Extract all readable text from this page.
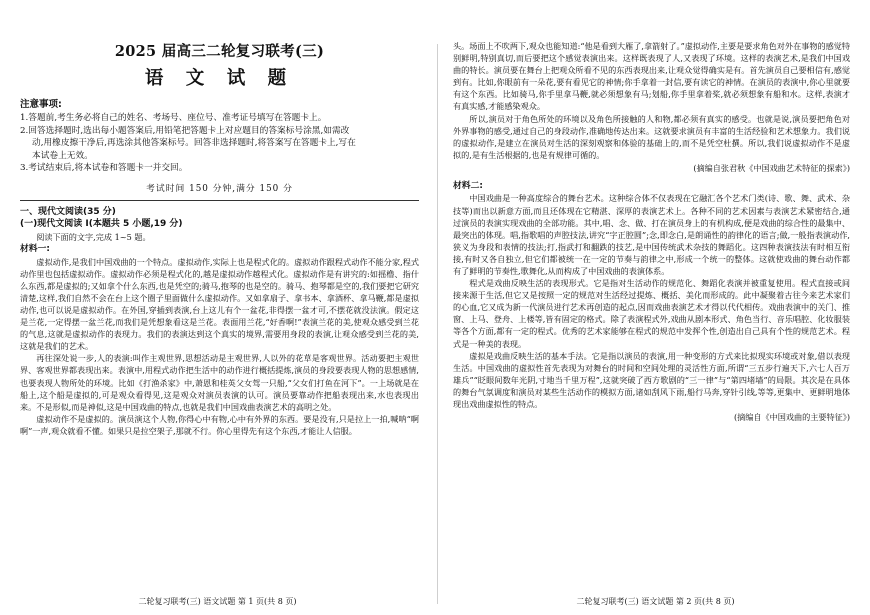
2025 届高三二轮复习联考(三)
语 文 试 题
注意事项:

1.答题前,考生务必将自己的姓名、考场号、座位号、准考证号填写在答题卡上。

2.回答选择题时,选出每小题答案后,用铅笔把答题卡上对应题目的答案标号涂黑,如需改

动,用橡皮擦干净后,再选涂其他答案标号。回答非选择题时,将答案写在答题卡上,写在

本试卷上无效。

3.考试结束后,将本试卷和答题卡一并交回。

考试时间 150 分钟,满分 150 分
一、现代文阅读(35 分)
(一)现代文阅读 I(本题共 5 小题,19 分)

阅读下面的文字,完成 1~5 题。

材料一:

虚拟动作,是我们中国戏曲的一个特点。虚拟动作,实际上也是程式化的。虚拟动作跟程式动作不能分家,程式动作里也包括虚拟动作。虚拟动作必须是程式化的,越是虚拟动作越程式化。虚拟动作是有讲究的:如摇橹、指什么东西,都是虚拟的;又如拿个什么东西,也是凭空的;骑马,抱琴的也是空的。骑马、抱琴都是空的,我们要把它研究清楚,这样,我们自然不会在台上这个圈子里面做什么虚拟动作。又如拿扇子、拿书本、拿酒杯、拿马鞭,都是虚拟动作,也可以说是虚拟动作。在外国,穿插到表演,台上这儿有个一盆花,非得摆一盆才可,不摆花就没法演。假定这是兰花,一定得摆一盆兰花,而我们是凭想象看这是兰花。表面用兰花,“好香啊!”表演兰花的美,使观众感受到兰花的气息,这就是虚拟动作的表现力。我们的表演达到这个真实的境界,需要用身段的表演,让观众感受到兰花的美,这就是我们的艺术。

再往深处说一步,人的表演:叫作主观世界,思想活动是主观世界,人以外的花草是客观世界。活动要把主观世界、客观世界都表现出来。表演中,用程式动作把生活中的动作进行概括提炼,演员的身段要表现人物的思想感情,也要表现人物所处的环境。比如《打渔杀家》中,萧恩和桂英父女驾一只船,“父女们打鱼在河下”。一上场就是在船上,这个船是虚拟的,可是观众看得见,这是观众对演员表演的认可。演员要靠动作把船表现出来,水也表现出来。不是形似,而是神似,这是中国戏曲的特点,也就是我们中国戏曲表演艺术的高明之处。

虚拟动作不是虚拟的。演员演这个人物,你得心中有物,心中有外界的东西。要是没有,只是拉上一拍,喊呐“啊啊”一声,观众就看不懂。如果只是拉空架子,那就不行。你心里得先有这个东西,才能让人信服。

二轮复习联考(三) 语文试题 第 1 页(共 8 页)

头。场面上不吹两下,观众也能知道:“他是看到大雁了,拿箭射了。”虚拟动作,主要是要求角色对外在事物的感觉特别鲜明,特别真切,而后要把这个感觉表演出来。这样既表现了人,又表现了环境。这样的表演艺术,是我们中国戏曲的特长。演员要在舞台上把观众所看不见的东西表现出来,让观众觉得确实是有。首先演员自己要相信有,感觉到有。比如,你眼前有一朵花,要有看见它的神情;你手拿着一封信,要有读它的神情。在演员的表演中,你心里就要有这个东西。比如骑马,你手里拿马鞭,就必须想象有马;划船,你手里拿着桨,就必须想象有船和水。这样,表演才有真实感,才能感染观众。

所以,演员对于角色所处的环境以及角色所接触的人和物,都必须有真实的感受。也就是说,演员要把角色对外界事物的感受,通过自己的身段动作,准确地传达出来。这就要求演员有丰富的生活经验和艺术想象力。我们说的虚拟动作,是建立在演员对生活的深刻观察和体验的基础上的,而不是凭空杜撰。所以,我们说虚拟动作不是虚拟的,是有生活根据的,也是有规律可循的。

(摘编自张君秋《中国戏曲艺术特征的探索》)
材料二:

中国戏曲是一种高度综合的舞台艺术。这种综合体不仅表现在它融汇各个艺术门类(诗、歌、舞、武术、杂技等)而出以新意方面,而且还体现在它精湛、深厚的表演艺术上。各种不同的艺术因素与表演艺术紧密结合,通过演员的表演实现戏曲的全部功能。其中,唱、念、做、打在演员身上的有机构成,便是戏曲的综合性的最集中、最突出的体现。唱,指歌唱的声腔技法,讲究“字正腔圆”;念,即念白,是朗诵性的韵律化的语言;做,一般指表演动作,狭义为身段和表情的技法;打,指武打和翻跌的技艺,是中国传统武术杂技的舞蹈化。这四种表演技法有时相互衔接,有时又各自独立,但它们都被统一在一定的节奏与韵律之中,形成一个统一的整体。这就使戏曲的舞台动作都有了鲜明的节奏性,歌舞化,从而构成了中国戏曲的表演体系。

程式是戏曲反映生活的表现形式。它是指对生活动作的规范化、舞蹈化表演并被重复使用。程式直接或间接来源于生活,但它又是按照一定的规范对生活经过提炼、概括、美化而形成的。此中凝聚着古往今来艺术家们的心血,它又成为新一代演员进行艺术再创造的起点,因而戏曲表演艺术才得以代代相传。戏曲表演中的关门、推窗、上马、登舟、上楼等,皆有固定的格式。除了表演程式外,戏曲从剧本形式、角色当行、音乐唱腔、化妆服装等各个方面,都有一定的程式。优秀的艺术家能够在程式的规范中发挥个性,创造出自己具有个性的规范艺术。程式是一种美的表现。

虚拟是戏曲反映生活的基本手法。它是指以演员的表演,用一种变形的方式来比拟现实环境或对象,借以表现生活。中国戏曲的虚拟性首先表现为对舞台的时间和空间处理的灵活性方面,所谓“三五步行遍天下,六七人百万雄兵”“眨眼间数年光阴,寸地当千里万程”,这就突破了西方歌剧的“三一律”与“第四堵墙”的局限。其次是在具体的舞台气氛调度和演员对某些生活动作的模拟方面,诸如刮风下雨,船行马奔,穿针引线,等等,更集中、更鲜明地体现出戏曲虚拟性的特点。

(摘编自《中国戏曲的主要特征》)
二轮复习联考(三) 语文试题 第 2 页(共 8 页)
